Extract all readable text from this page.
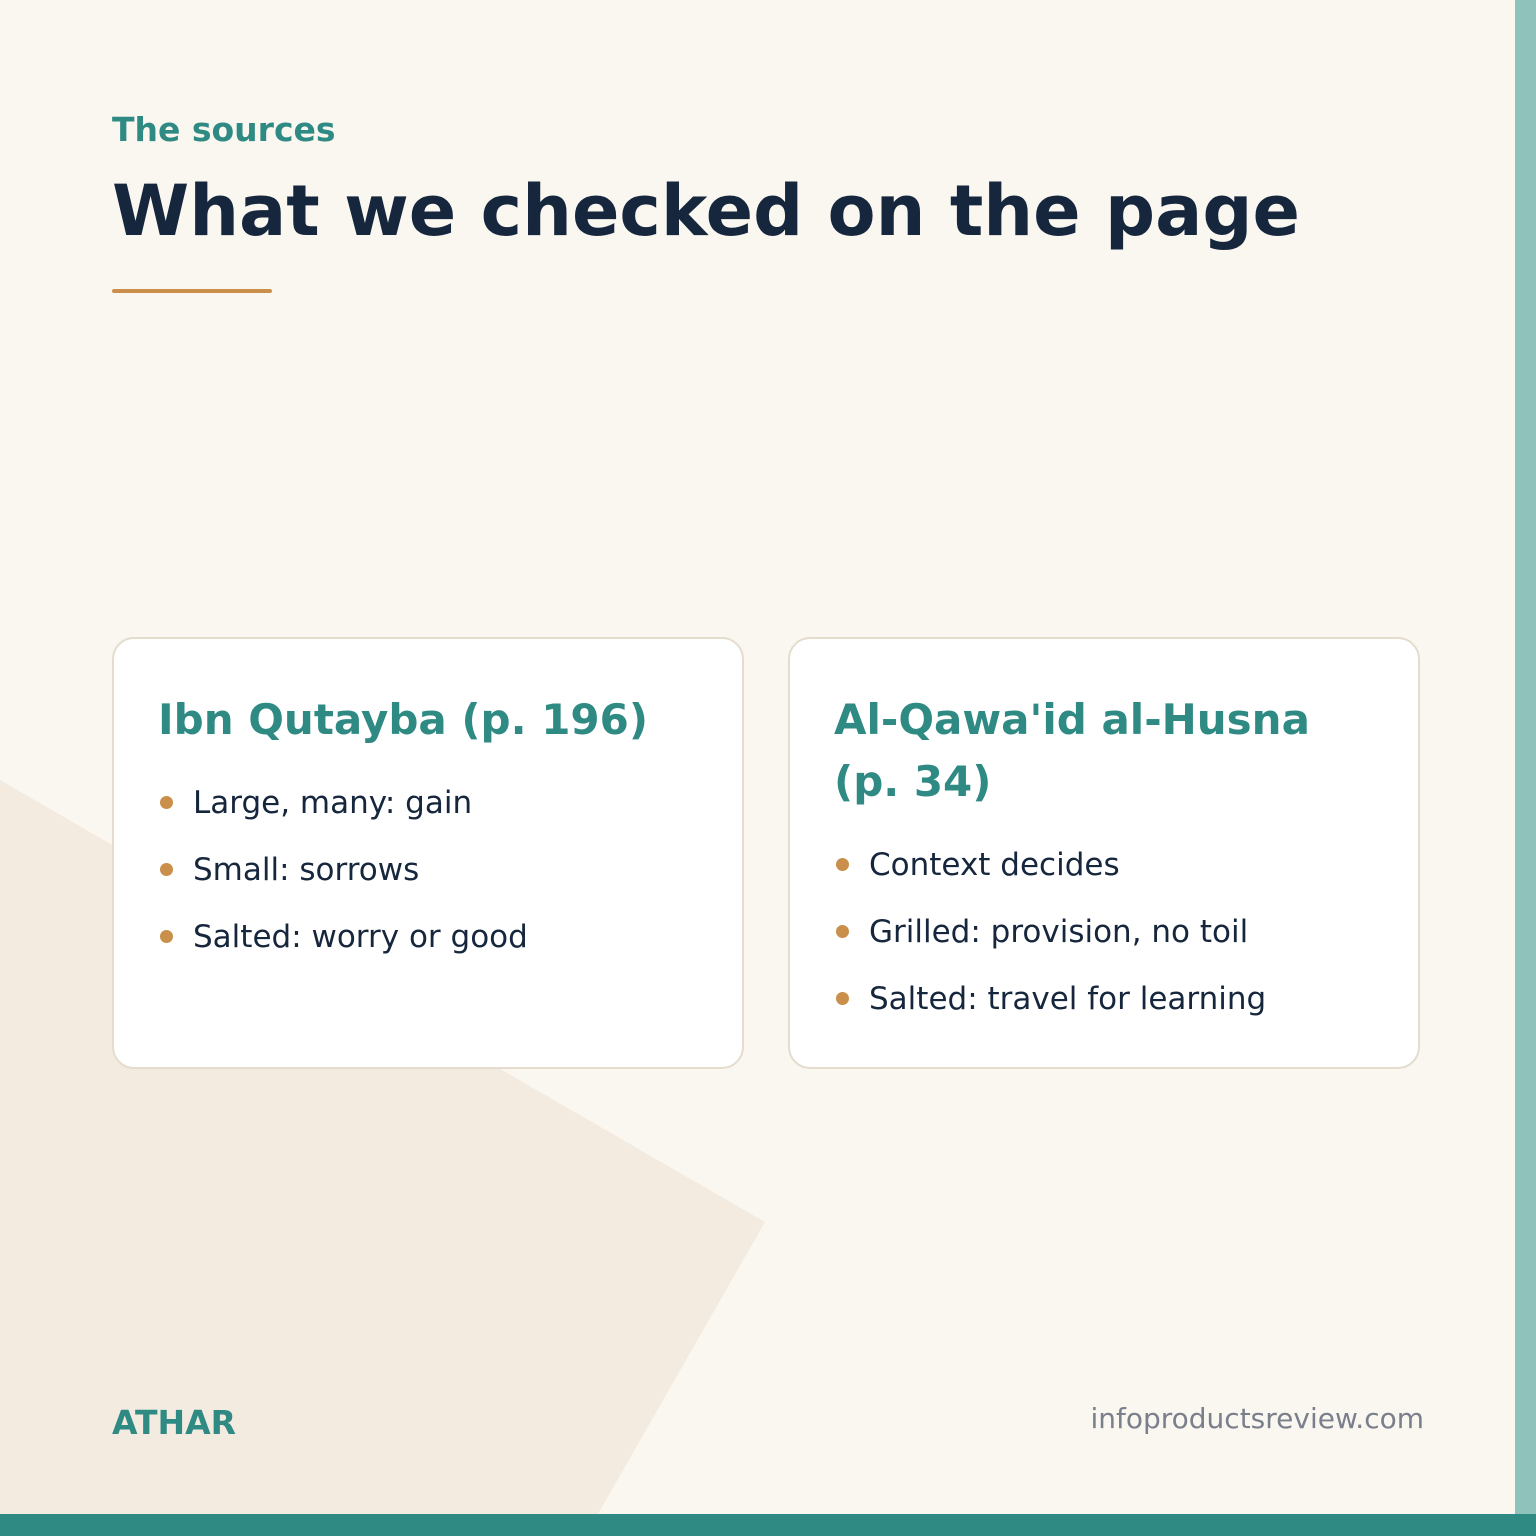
The sources
What we checked on the page
Ibn Qutayba (p. 196)
Large, many: gain
Small: sorrows
Salted: worry or good
Al-Qawa'id al-Husna (p. 34)
Context decides
Grilled: provision, no toil
Salted: travel for learning
ATHAR	infoproductsreview.com
